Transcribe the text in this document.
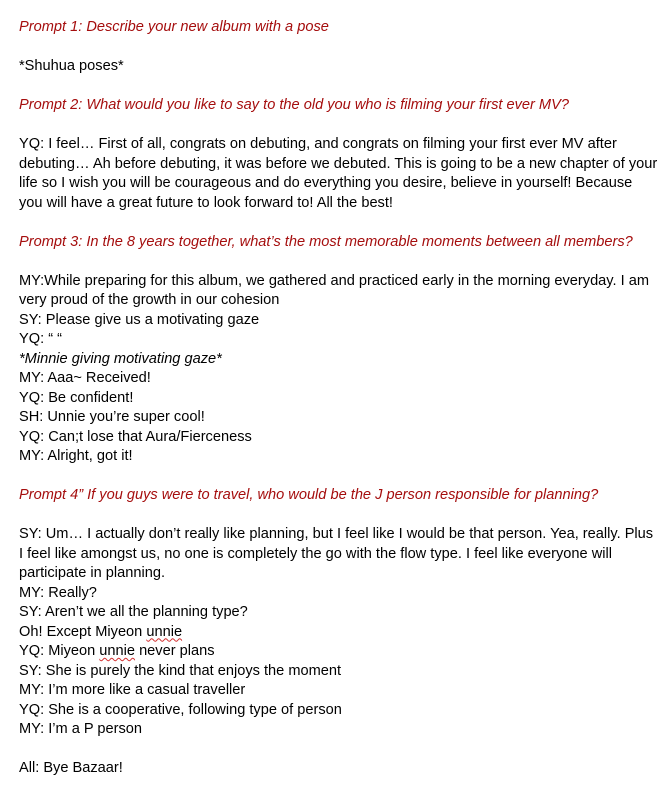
Prompt 1: Describe your new album with a pose

*Shuhua poses*

Prompt 2: What would you like to say to the old you who is filming your first ever MV?

YQ: I feel… First of all, congrats on debuting, and congrats on filming your first ever MV after debuting… Ah before debuting, it was before we debuted. This is going to be a new chapter of your life so I wish you will be courageous and do everything you desire, believe in yourself! Because you will have a great future to look forward to! All the best!

Prompt 3: In the 8 years together, what’s the most memorable moments between all members?

MY:While preparing for this album, we gathered and practiced early in the morning everyday. I am very proud of the growth in our cohesion

SY: Please give us a motivating gaze

YQ: “ “

*Minnie giving motivating gaze*

MY: Aaa~ Received!

YQ: Be confident!

SH: Unnie you’re super cool!

YQ: Can;t lose that Aura/Fierceness

MY: Alright, got it!

Prompt 4” If you guys were to travel, who would be the J person responsible for planning?

SY: Um… I actually don’t really like planning, but I feel like I would be that person. Yea, really. Plus I feel like amongst us, no one is completely the go with the flow type. I feel like everyone will participate in planning.

MY: Really?

SY: Aren’t we all the planning type?

Oh! Except Miyeon unnie

YQ: Miyeon unnie never plans

SY: She is purely the kind that enjoys the moment

MY: I’m more like a casual traveller

YQ: She is a cooperative, following type of person

MY: I’m a P person

All: Bye Bazaar!
